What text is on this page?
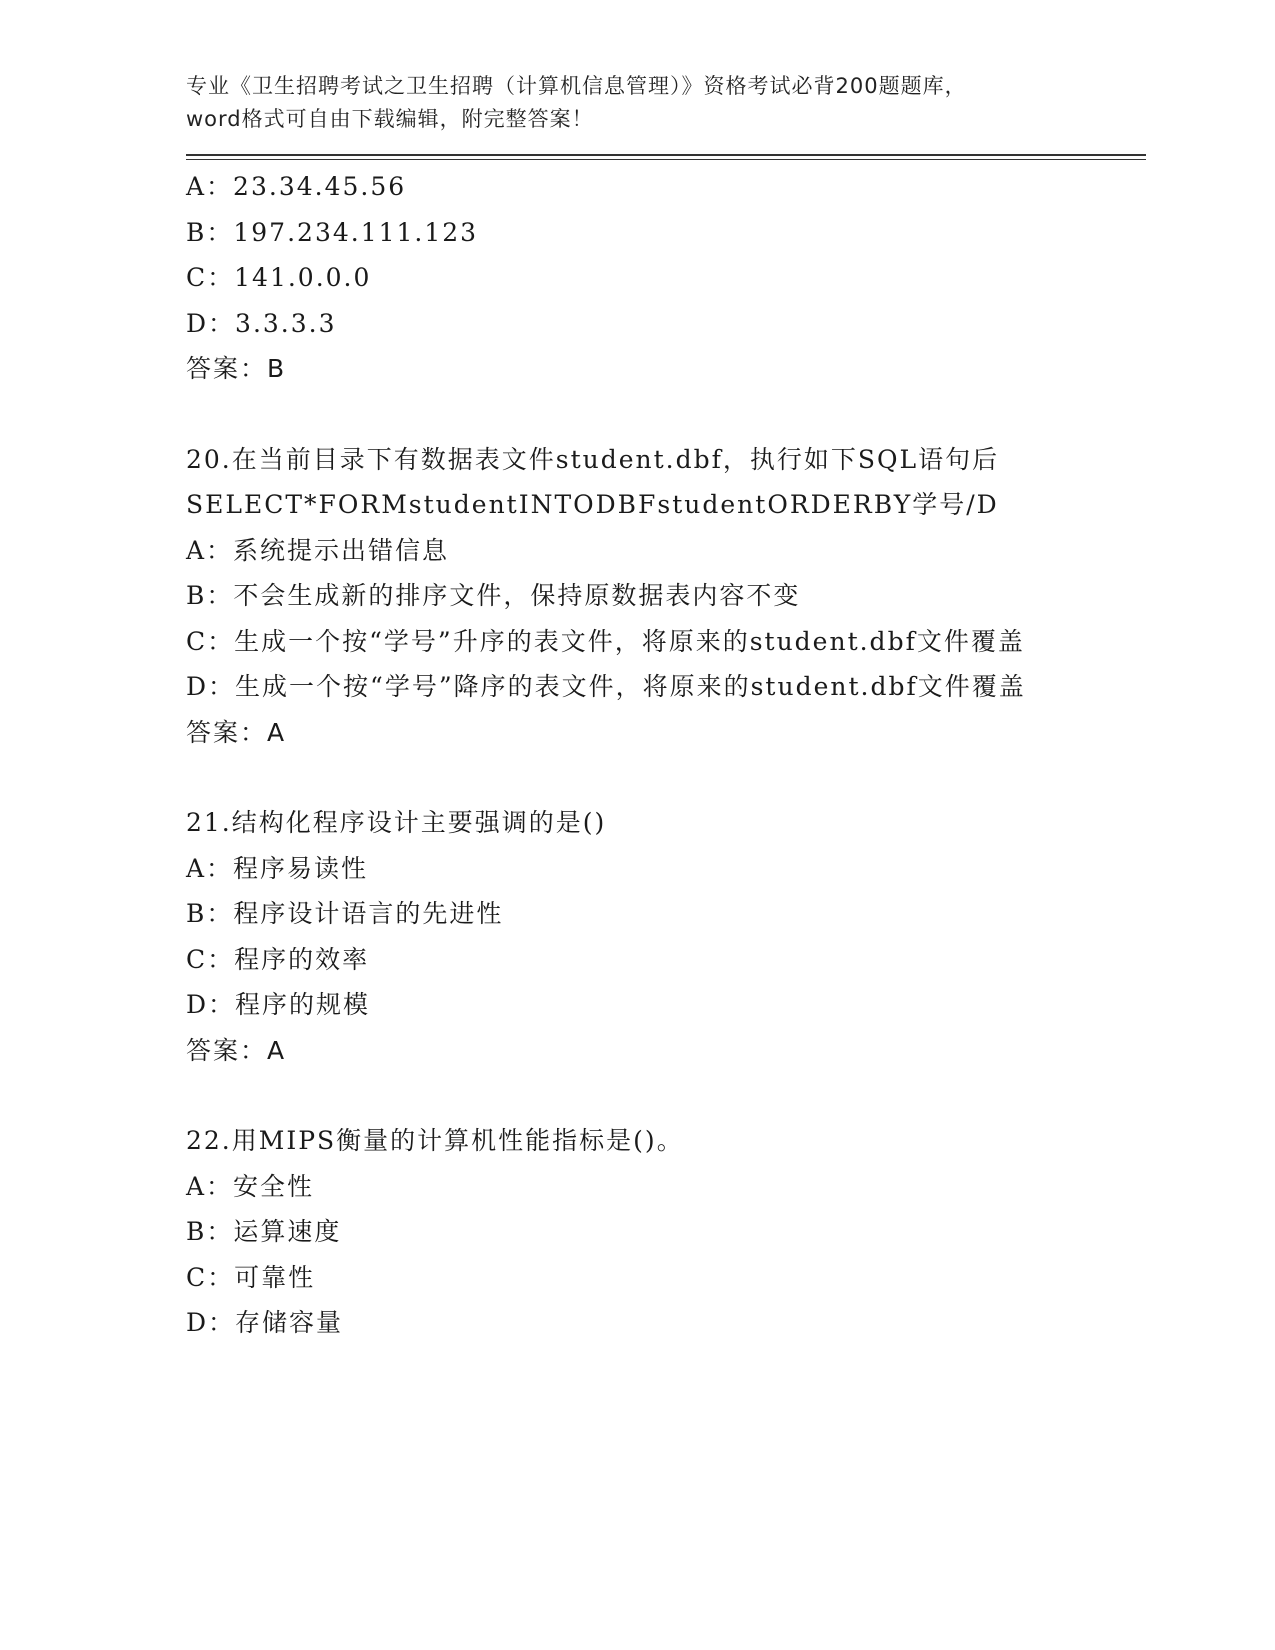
专业《卫生招聘考试之卫生招聘（计算机信息管理）》资格考试必背200题题库，
word格式可自由下载编辑，附完整答案！
A：23.34.45.56
B：197.234.111.123
C：141.0.0.0
D：3.3.3.3
答案：B
20.在当前目录下有数据表文件student.dbf，执行如下SQL语句后
SELECT*FORMstudentINTODBFstudentORDERBY学号/D
A：系统提示出错信息
B：不会生成新的排序文件，保持原数据表内容不变
C：生成一个按“学号”升序的表文件，将原来的student.dbf文件覆盖
D：生成一个按“学号”降序的表文件，将原来的student.dbf文件覆盖
答案：A
21.结构化程序设计主要强调的是()
A：程序易读性
B：程序设计语言的先进性
C：程序的效率
D：程序的规模
答案：A
22.用MIPS衡量的计算机性能指标是()。
A：安全性
B：运算速度
C：可靠性
D：存储容量
